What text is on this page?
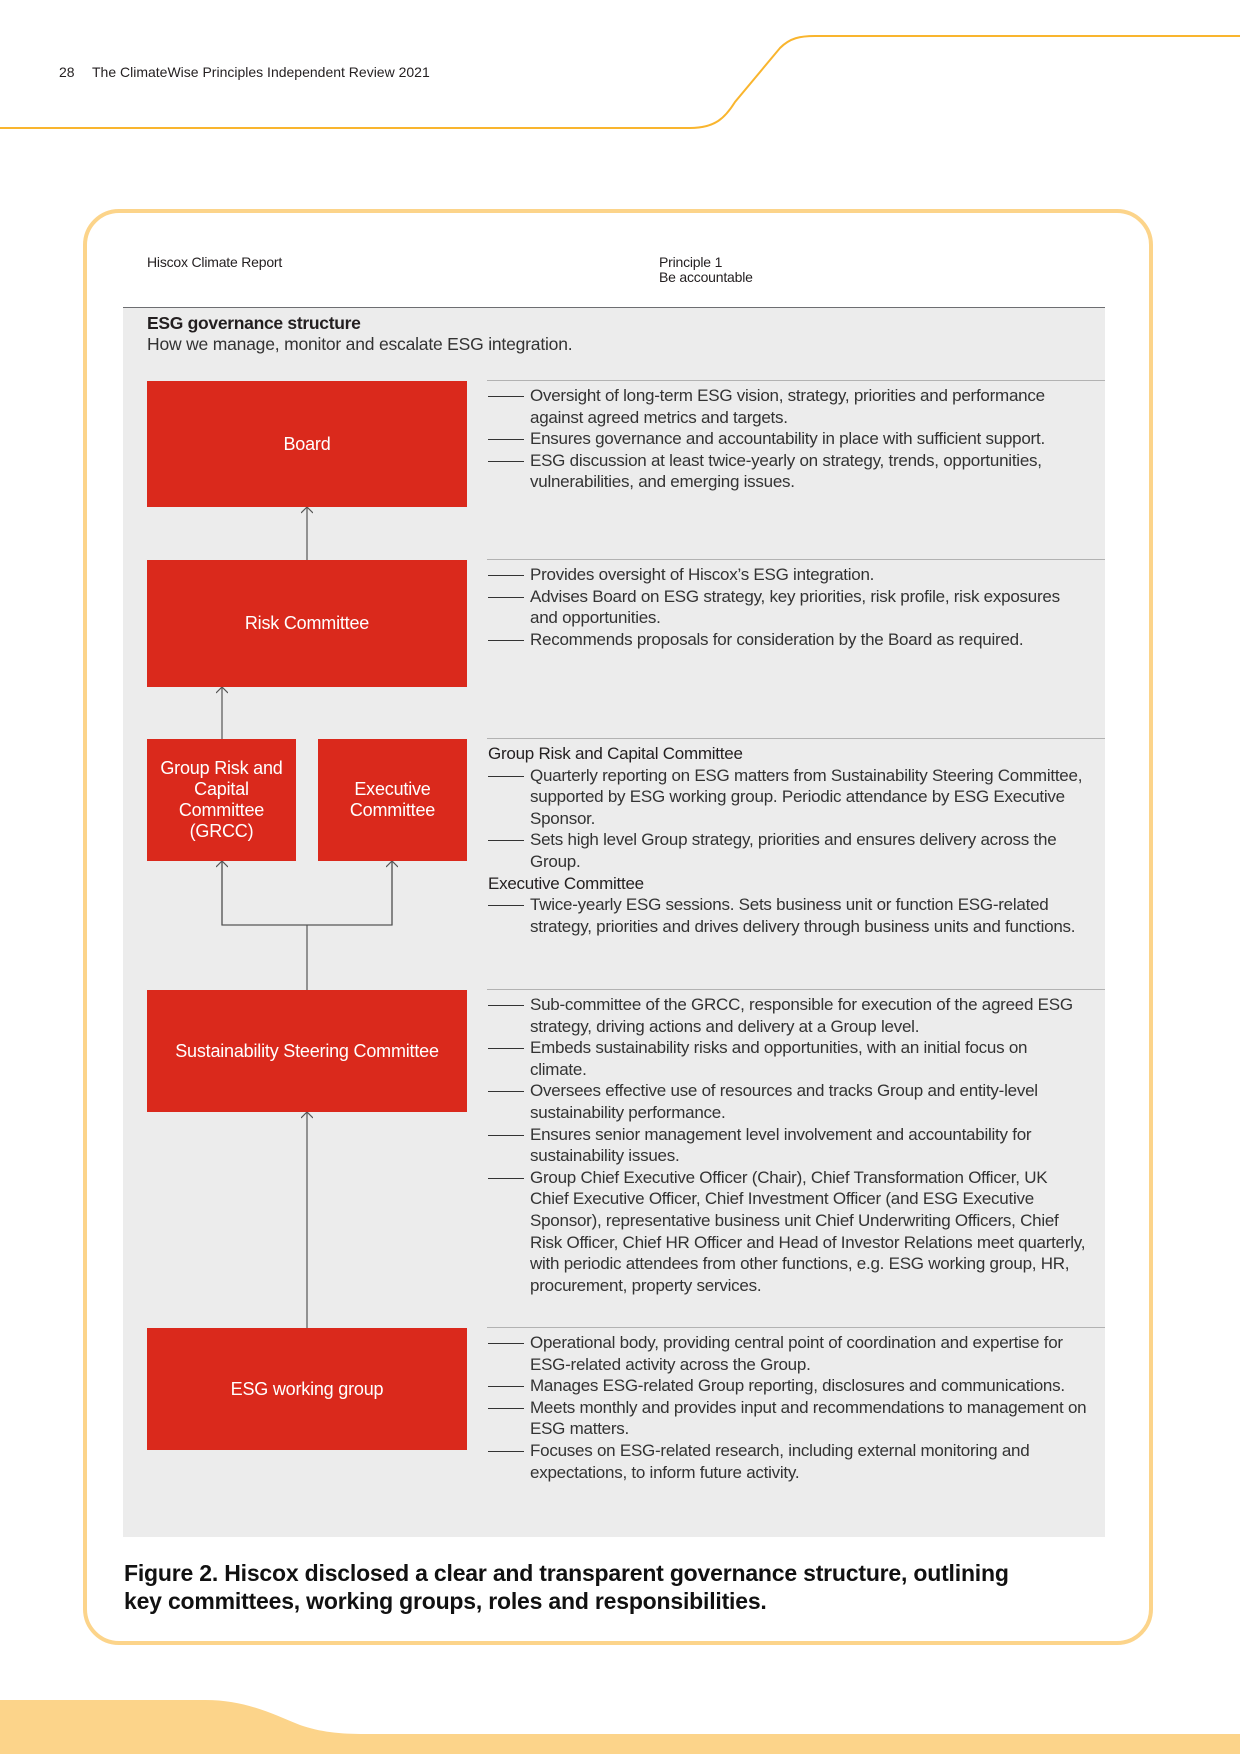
28 The ClimateWise Principles Independent Review 2021
Hiscox Climate Report	Principle 1
Be accountable
ESG governance structure
How we manage, monitor and escalate ESG integration.
Board
Risk Committee
Group Risk and Capital Committee (GRCC)
Executive Committee
Sustainability Steering Committee
ESG working group
Oversight of long-term ESG vision, strategy, priorities and performance against agreed metrics and targets.
Ensures governance and accountability in place with sufficient support.
ESG discussion at least twice-yearly on strategy, trends, opportunities, vulnerabilities, and emerging issues.
Provides oversight of Hiscox’s ESG integration.
Advises Board on ESG strategy, key priorities, risk profile, risk exposures and opportunities.
Recommends proposals for consideration by the Board as required.
Group Risk and Capital Committee
Quarterly reporting on ESG matters from Sustainability Steering Committee, supported by ESG working group. Periodic attendance by ESG Executive Sponsor.
Sets high level Group strategy, priorities and ensures delivery across the Group.
Executive Committee
Twice-yearly ESG sessions. Sets business unit or function ESG-related strategy, priorities and drives delivery through business units and functions.
Sub-committee of the GRCC, responsible for execution of the agreed ESG strategy, driving actions and delivery at a Group level.
Embeds sustainability risks and opportunities, with an initial focus on climate.
Oversees effective use of resources and tracks Group and entity-level sustainability performance.
Ensures senior management level involvement and accountability for sustainability issues.
Group Chief Executive Officer (Chair), Chief Transformation Officer, UK Chief Executive Officer, Chief Investment Officer (and ESG Executive Sponsor), representative business unit Chief Underwriting Officers, Chief Risk Officer, Chief HR Officer and Head of Investor Relations meet quarterly, with periodic attendees from other functions, e.g. ESG working group, HR, procurement, property services.
Operational body, providing central point of coordination and expertise for ESG-related activity across the Group.
Manages ESG-related Group reporting, disclosures and communications.
Meets monthly and provides input and recommendations to management on ESG matters.
Focuses on ESG-related research, including external monitoring and expectations, to inform future activity.
Figure 2. Hiscox disclosed a clear and transparent governance structure, outlining key committees, working groups, roles and responsibilities.
